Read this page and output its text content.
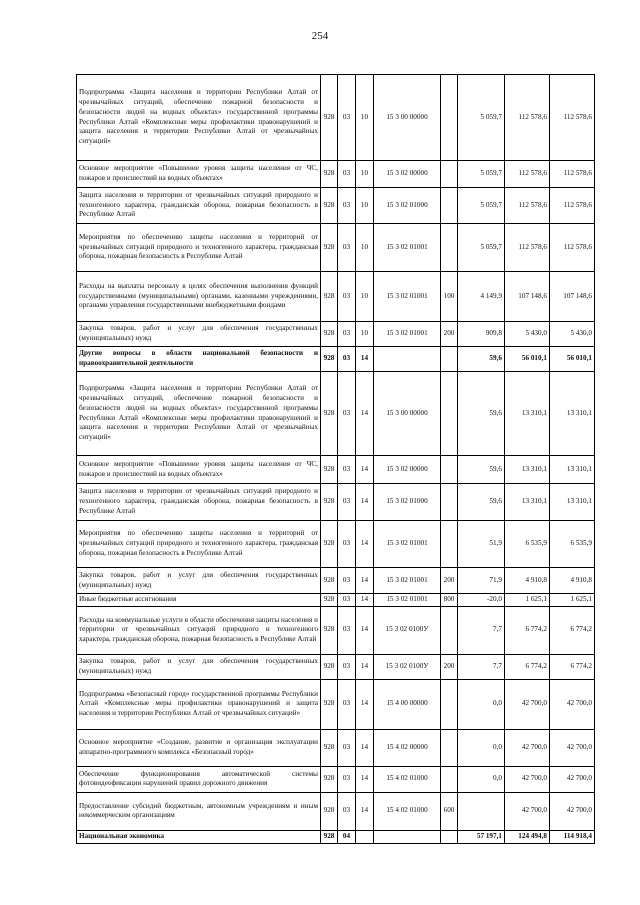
254
Подпрограмма «Защита населения и территории Республики Алтай от чрезвычайных ситуаций, обеспечение пожарной безопасности и безопасности людей на водных объектах» государственной программы Республики Алтай «Комплексные меры профилактики правонарушений и защита населения и территории Республики Алтай от чрезвычайных ситуаций»	928	03	10	15 3 00 00000		5 059,7	112 578,6	112 578,6
Основное мероприятие «Повышение уровня защиты населения от ЧС, пожаров и происшествий на водных объектах»	928	03	10	15 3 02 00000		5 059,7	112 578,6	112 578,6
Защита населения и территории от чрезвычайных ситуаций природного и техногенного характера, гражданская оборона, пожарная безопасность в Республике Алтай	928	03	10	15 3 02 01000		5 059,7	112 578,6	112 578,6
Мероприятия по обеспечению защиты населения и территорий от чрезвычайных ситуаций природного и техногенного характера, гражданская оборона, пожарная безопасность в Республике Алтай	928	03	10	15 3 02 01001		5 059,7	112 578,6	112 578,6
Расходы на выплаты персоналу в целях обеспечения выполнения функций государственными (муниципальными) органами, казенными учреждениями, органами управления государственными внебюджетными фондами	928	03	10	15 3 02 01001	100	4 149,9	107 148,6	107 148,6
Закупка товаров, работ и услуг для обеспечения государственных (муниципальных) нужд	928	03	10	15 3 02 01001	200	909,8	5 430,0	5 430,0
Другие вопросы в области национальной безопасности и правоохранительной деятельности	928	03	14			59,6	56 010,1	56 010,1
Подпрограмма «Защита населения и территории Республики Алтай от чрезвычайных ситуаций, обеспечение пожарной безопасности и безопасности людей на водных объектах» государственной программы Республики Алтай «Комплексные меры профилактики правонарушений и защита населения и территории Республики Алтай от чрезвычайных ситуаций»	928	03	14	15 3 00 00000		59,6	13 310,1	13 310,1
Основное мероприятие «Повышение уровня защиты населения от ЧС, пожаров и происшествий на водных объектах»	928	03	14	15 3 02 00000		59,6	13 310,1	13 310,1
Защита населения и территории от чрезвычайных ситуаций природного и техногенного характера, гражданская оборона, пожарная безопасность в Республике Алтай	928	03	14	15 3 02 01000		59,6	13 310,1	13 310,1
Мероприятия по обеспечению защиты населения и территорий от чрезвычайных ситуаций природного и техногенного характера, гражданская оборона, пожарная безопасность в Республике Алтай	928	03	14	15 3 02 01001		51,9	6 535,9	6 535,9
Закупка товаров, работ и услуг для обеспечения государственных (муниципальных) нужд	928	03	14	15 3 02 01001	200	71,9	4 910,8	4 910,8
Иные бюджетные ассигнования	928	03	14	15 3 02 01001	800	-20,0	1 625,1	1 625,1
Расходы на коммунальные услуги в области обеспечения защиты населения и территории от чрезвычайных ситуаций природного и техногенного характера, гражданская оборона, пожарная безопасность в Республике Алтай	928	03	14	15 3 02 0100У		7,7	6 774,2	6 774,2
Закупка товаров, работ и услуг для обеспечения государственных (муниципальных) нужд	928	03	14	15 3 02 0100У	200	7,7	6 774,2	6 774,2
Подпрограмма «Безопасный город» государственной программы Республики Алтай «Комплексные меры профилактики правонарушений и защита населения и территории Республики Алтай от чрезвычайных ситуаций»	928	03	14	15 4 00 00000		0,0	42 700,0	42 700,0
Основное мероприятие «Создание, развитие и организация эксплуатации аппаратно-программного комплекса «Безопасный город»	928	03	14	15 4 02 00000		0,0	42 700,0	42 700,0
Обеспечение функционирования автоматической системы фотовидеофиксации нарушений правил дорожного движения	928	03	14	15 4 02 01000		0,0	42 700,0	42 700,0
Предоставление субсидий бюджетным, автономным учреждениям и иным некоммерческим организациям	928	03	14	15 4 02 01000	600		42 700,0	42 700,0
Национальная экономика	928	04				57 197,1	124 494,8	114 918,4
